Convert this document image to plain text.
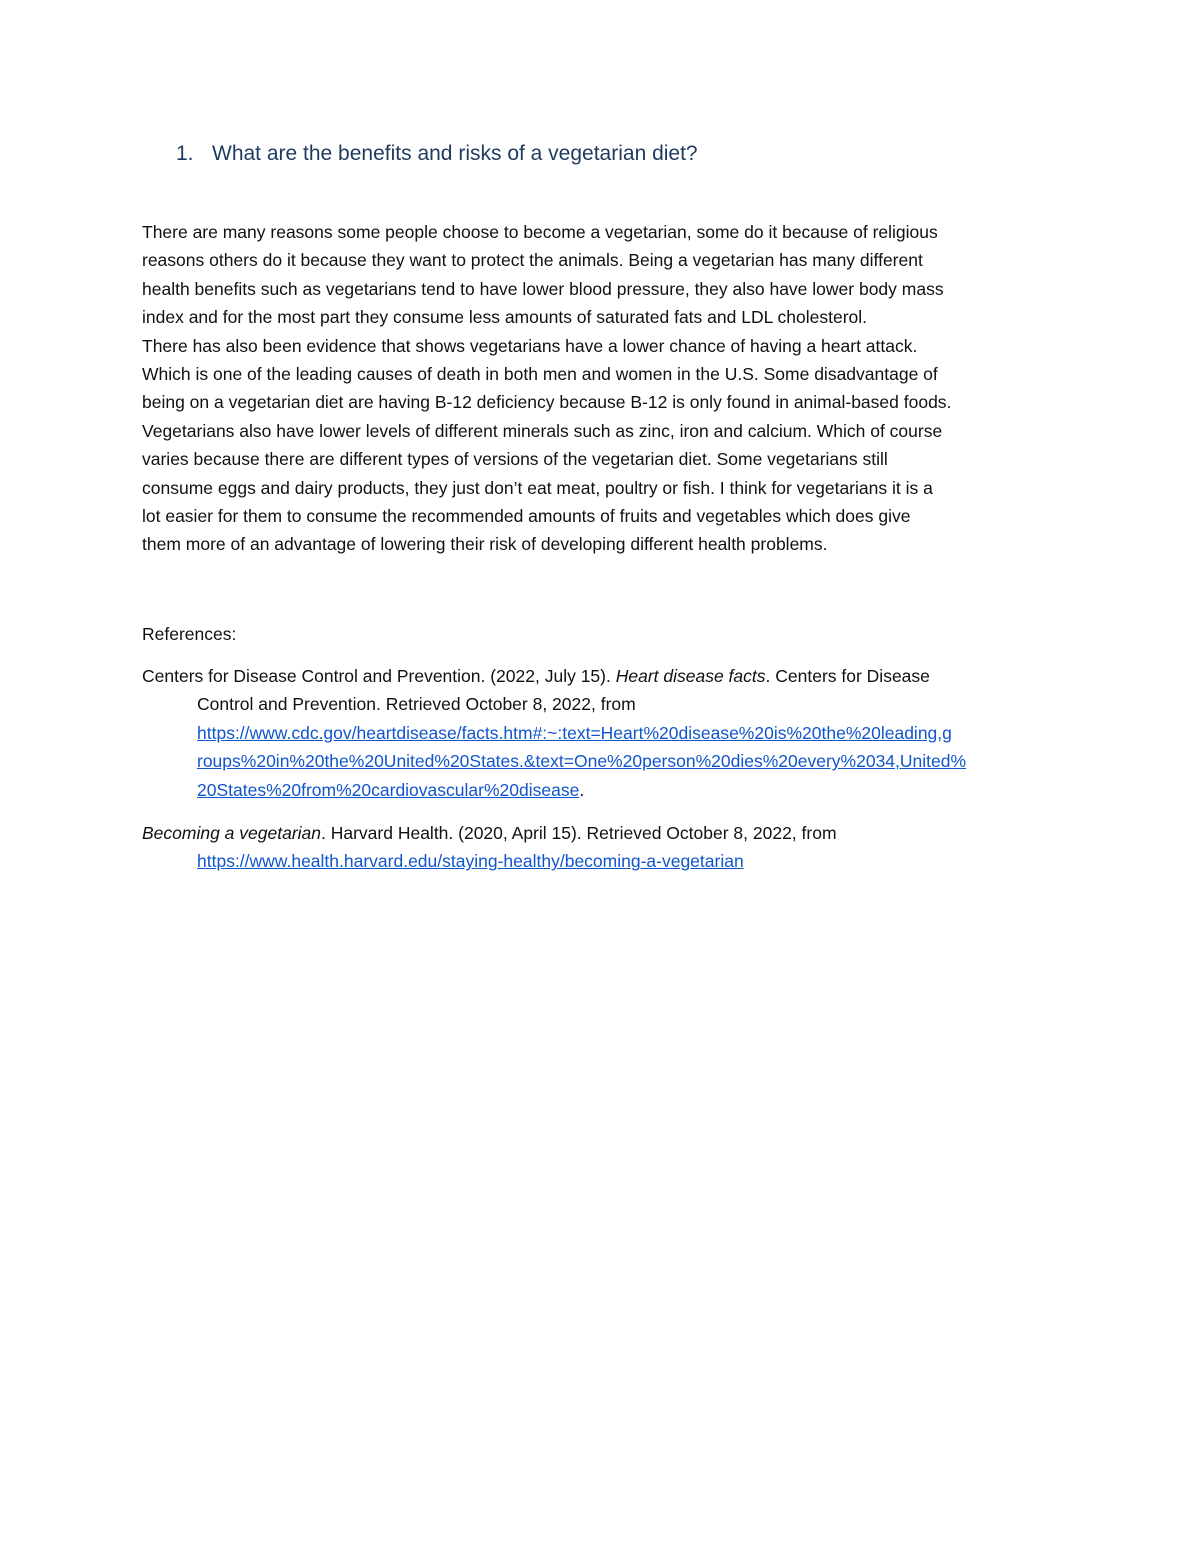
1. What are the benefits and risks of a vegetarian diet?
There are many reasons some people choose to become a vegetarian, some do it because of religious
reasons others do it because they want to protect the animals. Being a vegetarian has many different
health benefits such as vegetarians tend to have lower blood pressure, they also have lower body mass
index and for the most part they consume less amounts of saturated fats and LDL cholesterol.
There has also been evidence that shows vegetarians have a lower chance of having a heart attack.
Which is one of the leading causes of death in both men and women in the U.S. Some disadvantage of
being on a vegetarian diet are having B-12 deficiency because B-12 is only found in animal-based foods.
Vegetarians also have lower levels of different minerals such as zinc, iron and calcium. Which of course
varies because there are different types of versions of the vegetarian diet. Some vegetarians still
consume eggs and dairy products, they just don’t eat meat, poultry or fish. I think for vegetarians it is a
lot easier for them to consume the recommended amounts of fruits and vegetables which does give
them more of an advantage of lowering their risk of developing different health problems.
References:
Centers for Disease Control and Prevention. (2022, July 15). Heart disease facts. Centers for Disease
Control and Prevention. Retrieved October 8, 2022, from
https://www.cdc.gov/heartdisease/facts.htm#:~:text=Heart%20disease%20is%20the%20leading,g
roups%20in%20the%20United%20States.&text=One%20person%20dies%20every%2034,United%
20States%20from%20cardiovascular%20disease.
Becoming a vegetarian. Harvard Health. (2020, April 15). Retrieved October 8, 2022, from
https://www.health.harvard.edu/staying-healthy/becoming-a-vegetarian
